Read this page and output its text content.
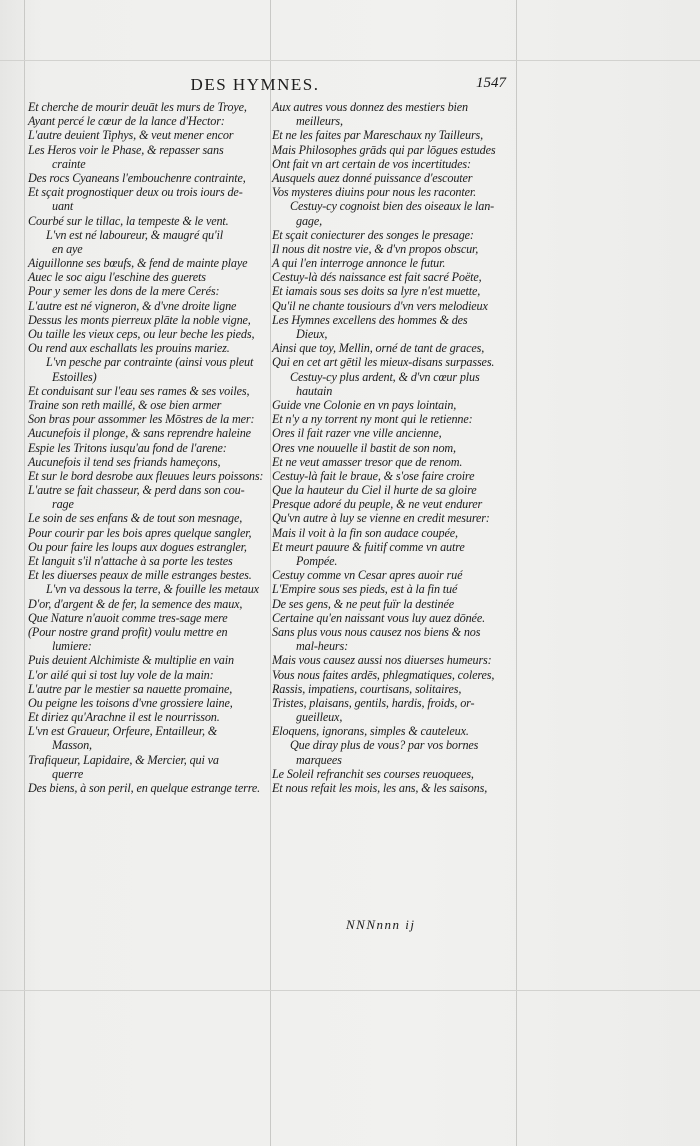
DES HYMNES.	1547
Et cherche de mourir deuāt les murs de Troye,
Ayant percé le cœur de la lance d'Hector:
L'autre deuient Tiphys, & veut mener encor
Les Heros voir le Phase, & repasser sans
crainte
Des rocs Cyaneans l'embouchenre contrainte,
Et sçait prognostiquer deux ou trois iours de-
uant
Courbé sur le tillac, la tempeste & le vent.
L'vn est né laboureur, & maugré qu'il
en aye
Aiguillonne ses bœufs, & fend de mainte playe
Auec le soc aigu l'eschine des guerets
Pour y semer les dons de la mere Cerés:
L'autre est né vigneron, & d'vne droite ligne
Dessus les monts pierreux plāte la noble vigne,
Ou taille les vieux ceps, ou leur beche les pieds,
Ou rend aux eschallats les prouins mariez.
L'vn pesche par contrainte (ainsi vous pleut
Estoilles)
Et conduisant sur l'eau ses rames & ses voiles,
Traine son reth maillé, & ose bien armer
Son bras pour assommer les Mōstres de la mer:
Aucunefois il plonge, & sans reprendre haleine
Espie les Tritons iusqu'au fond de l'arene:
Aucunefois il tend ses friands hameçons,
Et sur le bord desrobe aux fleuues leurs poissons:
L'autre se fait chasseur, & perd dans son cou-
rage
Le soin de ses enfans & de tout son mesnage,
Pour courir par les bois apres quelque sangler,
Ou pour faire les loups aux dogues estrangler,
Et languit s'il n'attache à sa porte les testes
Et les diuerses peaux de mille estranges bestes.
L'vn va dessous la terre, & fouille les metaux
D'or, d'argent & de fer, la semence des maux,
Que Nature n'auoit comme tres-sage mere
(Pour nostre grand profit) voulu mettre en
lumiere:
Puis deuient Alchimiste & multiplie en vain
L'or ailé qui si tost luy vole de la main:
L'autre par le mestier sa nauette promaine,
Ou peigne les toisons d'vne grossiere laine,
Et diriez qu'Arachne il est le nourrisson.
L'vn est Graueur, Orfeure, Entailleur, &
Masson,
Trafiqueur, Lapidaire, & Mercier, qui va
querre
Des biens, à son peril, en quelque estrange terre.
Aux autres vous donnez des mestiers bien
meilleurs,
Et ne les faites par Mareschaux ny Tailleurs,
Mais Philosophes grāds qui par lōgues estudes
Ont fait vn art certain de vos incertitudes:
Ausquels auez donné puissance d'escouter
Vos mysteres diuins pour nous les raconter.
Cestuy-cy cognoist bien des oiseaux le lan-
gage,
Et sçait coniecturer des songes le presage:
Il nous dit nostre vie, & d'vn propos obscur,
A qui l'en interroge annonce le futur.
Cestuy-là dés naissance est fait sacré Poëte,
Et iamais sous ses doits sa lyre n'est muette,
Qu'il ne chante tousiours d'vn vers melodieux
Les Hymnes excellens des hommes & des
Dieux,
Ainsi que toy, Mellin, orné de tant de graces,
Qui en cet art gētil les mieux-disans surpasses.
Cestuy-cy plus ardent, & d'vn cœur plus
hautain
Guide vne Colonie en vn pays lointain,
Et n'y a ny torrent ny mont qui le retienne:
Ores il fait razer vne ville ancienne,
Ores vne nouuelle il bastit de son nom,
Et ne veut amasser tresor que de renom.
Cestuy-là fait le braue, & s'ose faire croire
Que la hauteur du Ciel il hurte de sa gloire
Presque adoré du peuple, & ne veut endurer
Qu'vn autre à luy se vienne en credit mesurer:
Mais il voit à la fin son audace coupée,
Et meurt pauure & fuitif comme vn autre
Pompée.
Cestuy comme vn Cesar apres auoir rué
L'Empire sous ses pieds, est à la fin tué
De ses gens, & ne peut fuïr la destinée
Certaine qu'en naissant vous luy auez dōnée.
Sans plus vous nous causez nos biens & nos
mal-heurs:
Mais vous causez aussi nos diuerses humeurs:
Vous nous faites ardēs, phlegmatiques, coleres,
Rassis, impatiens, courtisans, solitaires,
Tristes, plaisans, gentils, hardis, froids, or-
gueilleux,
Eloquens, ignorans, simples & cauteleux.
Que diray plus de vous? par vos bornes
marquees
Le Soleil refranchit ses courses reuoquees,
Et nous refait les mois, les ans, & les saisons,
NNNnnn ij
